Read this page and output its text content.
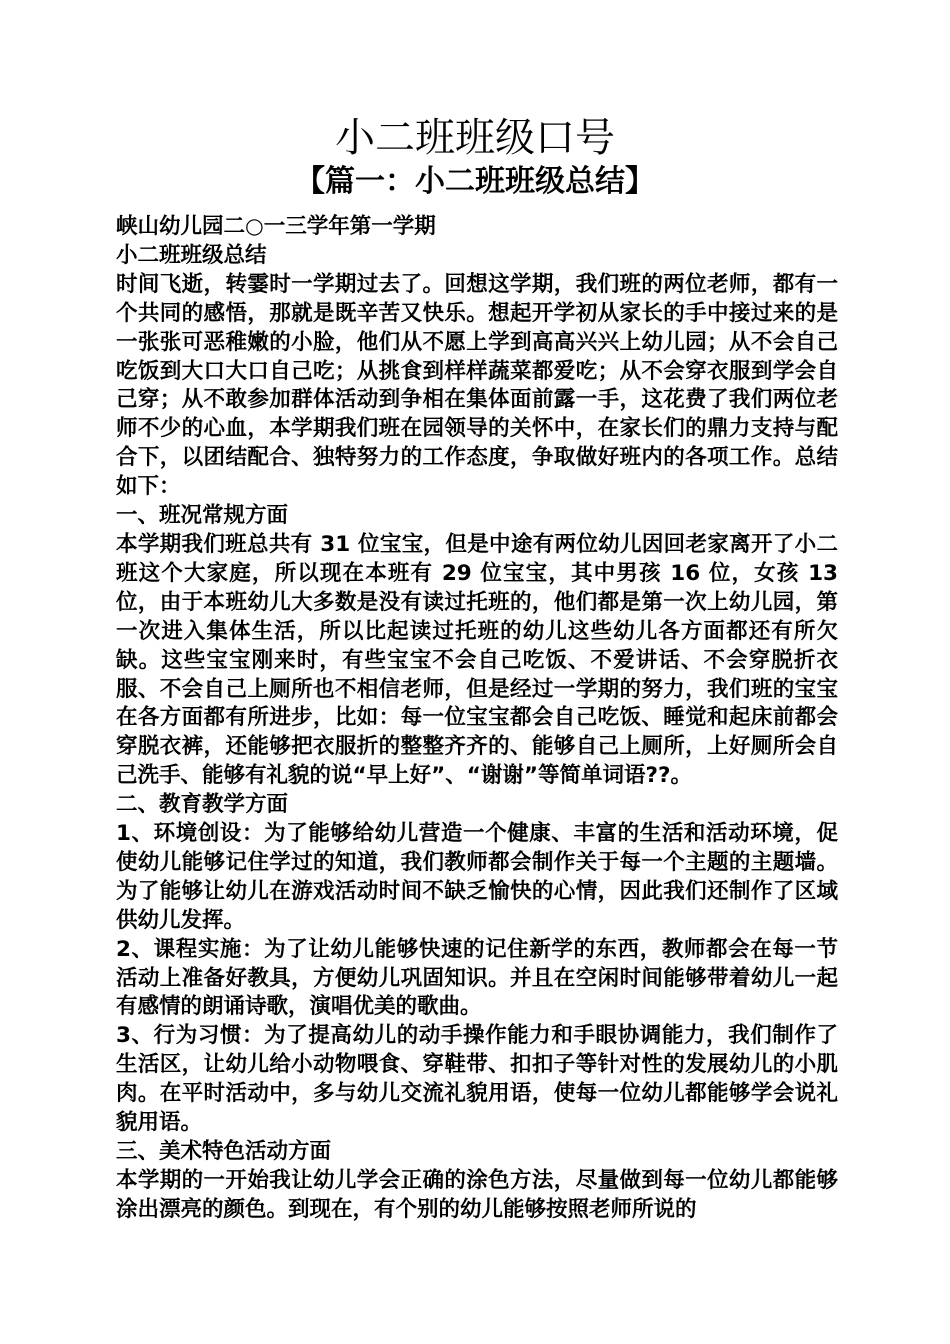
小二班班级口号
【篇一：小二班班级总结】

峡山幼儿园二○一三学年第一学期

小二班班级总结

时间飞逝，转霎时一学期过去了。回想这学期，我们班的两位老师，都有一个共同的感悟，那就是既辛苦又快乐。想起开学初从家长的手中接过来的是一张张可恶稚嫩的小脸，他们从不愿上学到高高兴兴上幼儿园；从不会自己吃饭到大口大口自己吃；从挑食到样样蔬菜都爱吃；从不会穿衣服到学会自己穿；从不敢参加群体活动到争相在集体面前露一手，这花费了我们两位老师不少的心血，本学期我们班在园领导的关怀中，在家长们的鼎力支持与配合下，以团结配合、独特努力的工作态度，争取做好班内的各项工作。总结如下：

一、班况常规方面

本学期我们班总共有 31 位宝宝，但是中途有两位幼儿因回老家离开了小二班这个大家庭，所以现在本班有 29 位宝宝，其中男孩 16 位，女孩 13 位，由于本班幼儿大多数是没有读过托班的，他们都是第一次上幼儿园，第一次进入集体生活，所以比起读过托班的幼儿这些幼儿各方面都还有所欠缺。这些宝宝刚来时，有些宝宝不会自己吃饭、不爱讲话、不会穿脱折衣服、不会自己上厕所也不相信老师，但是经过一学期的努力，我们班的宝宝在各方面都有所进步，比如：每一位宝宝都会自己吃饭、睡觉和起床前都会穿脱衣裤，还能够把衣服折的整整齐齐的、能够自己上厕所，上好厕所会自己洗手、能够有礼貌的说“早上好”、“谢谢”等简单词语??。

二、教育教学方面

1、环境创设：为了能够给幼儿营造一个健康、丰富的生活和活动环境，促使幼儿能够记住学过的知道，我们教师都会制作关于每一个主题的主题墙。为了能够让幼儿在游戏活动时间不缺乏愉快的心情，因此我们还制作了区域供幼儿发挥。

2、课程实施：为了让幼儿能够快速的记住新学的东西，教师都会在每一节活动上准备好教具，方便幼儿巩固知识。并且在空闲时间能够带着幼儿一起有感情的朗诵诗歌，演唱优美的歌曲。

3、行为习惯：为了提高幼儿的动手操作能力和手眼协调能力，我们制作了生活区，让幼儿给小动物喂食、穿鞋带、扣扣子等针对性的发展幼儿的小肌肉。在平时活动中，多与幼儿交流礼貌用语，使每一位幼儿都能够学会说礼貌用语。

三、美术特色活动方面

本学期的一开始我让幼儿学会正确的涂色方法，尽量做到每一位幼儿都能够涂出漂亮的颜色。到现在，有个别的幼儿能够按照老师所说的
